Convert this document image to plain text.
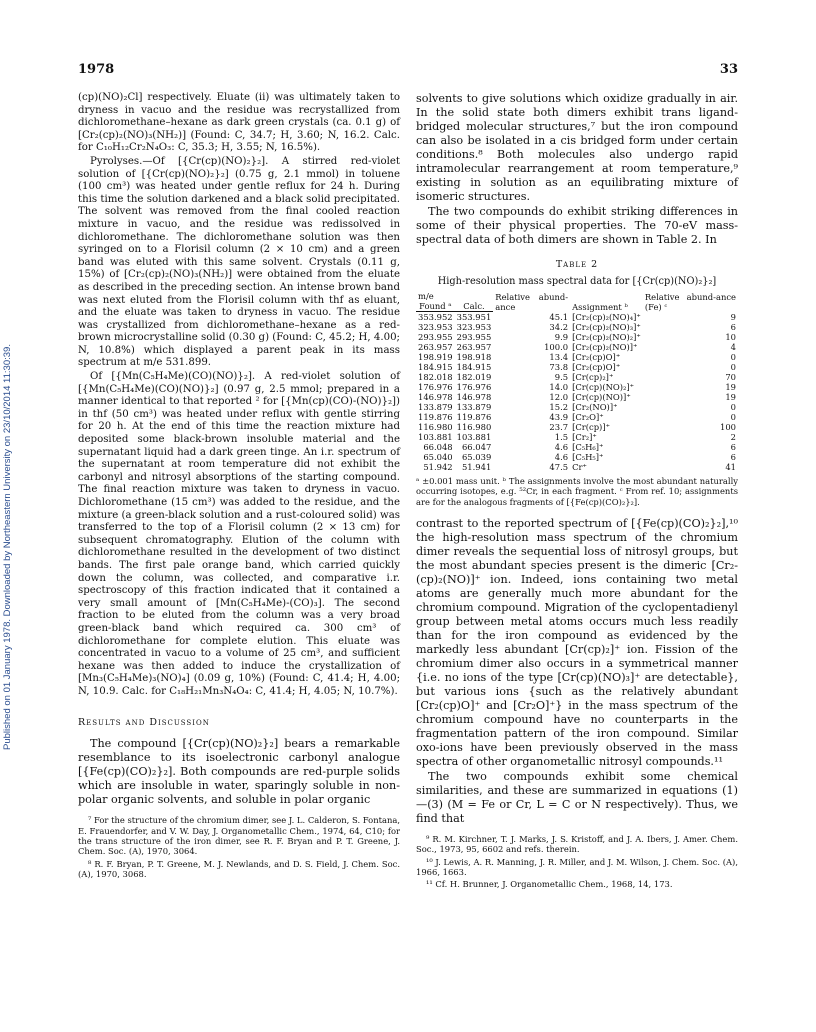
1978	33
Published on 01 January 1978. Downloaded by Northeastern University on 23/10/2014 11:30:39.

(cp)(NO)₂Cl] respectively. Eluate (ii) was ultimately taken to dryness in vacuo and the residue was recrystallized from dichloromethane–hexane as dark green crystals (ca. 0.1 g) of [Cr₂(cp)₂(NO)₃(NH₂)] (Found: C, 34.7; H, 3.60; N, 16.2. Calc. for C₁₀H₁₂Cr₂N₄O₃: C, 35.3; H, 3.55; N, 16.5%).

Pyrolyses.—Of [{Cr(cp)(NO)₂}₂]. A stirred red-violet solution of [{Cr(cp)(NO)₂}₂] (0.75 g, 2.1 mmol) in toluene (100 cm³) was heated under gentle reflux for 24 h. During this time the solution darkened and a black solid precipitated. The solvent was removed from the final cooled reaction mixture in vacuo, and the residue was redissolved in dichloromethane. The dichloromethane solution was then syringed on to a Florisil column (2 × 10 cm) and a green band was eluted with this same solvent. Crystals (0.11 g, 15%) of [Cr₂(cp)₂(NO)₃(NH₂)] were obtained from the eluate as described in the preceding section. An intense brown band was next eluted from the Florisil column with thf as eluant, and the eluate was taken to dryness in vacuo. The residue was crystallized from dichloromethane–hexane as a red-brown microcrystalline solid (0.30 g) (Found: C, 45.2; H, 4.00; N, 10.8%) which displayed a parent peak in its mass spectrum at m/e 531.899.

Of [{Mn(C₅H₄Me)(CO)(NO)}₂]. A red-violet solution of [{Mn(C₅H₄Me)(CO)(NO)}₂] (0.97 g, 2.5 mmol; prepared in a manner identical to that reported ² for [{Mn(cp)(CO)-(NO)}₂]) in thf (50 cm³) was heated under reflux with gentle stirring for 20 h. At the end of this time the reaction mixture had deposited some black-brown insoluble material and the supernatant liquid had a dark green tinge. An i.r. spectrum of the supernatant at room temperature did not exhibit the carbonyl and nitrosyl absorptions of the starting compound. The final reaction mixture was taken to dryness in vacuo. Dichloromethane (15 cm³) was added to the residue, and the mixture (a green-black solution and a rust-coloured solid) was transferred to the top of a Florisil column (2 × 13 cm) for subsequent chromatography. Elution of the column with dichloromethane resulted in the development of two distinct bands. The first pale orange band, which carried quickly down the column, was collected, and comparative i.r. spectroscopy of this fraction indicated that it contained a very small amount of [Mn(C₅H₄Me)-(CO)₃]. The second fraction to be eluted from the column was a very broad green-black band which required ca. 300 cm³ of dichloromethane for complete elution. This eluate was concentrated in vacuo to a volume of 25 cm³, and sufficient hexane was then added to induce the crystallization of [Mn₃(C₅H₄Me)₃(NO)₄] (0.09 g, 10%) (Found: C, 41.4; H, 4.00; N, 10.9. Calc. for C₁₈H₂₁Mn₃N₄O₄: C, 41.4; H, 4.05; N, 10.7%).

Results and Discussion

The compound [{Cr(cp)(NO)₂}₂] bears a remarkable resemblance to its isoelectronic carbonyl analogue [{Fe(cp)(CO)₂}₂]. Both compounds are red-purple solids which are insoluble in water, sparingly soluble in non-polar organic solvents, and soluble in polar organic

⁷ For the structure of the chromium dimer, see J. L. Calderon, S. Fontana, E. Frauendorfer, and V. W. Day, J. Organometallic Chem., 1974, 64, C10; for the trans structure of the iron dimer, see R. F. Bryan and P. T. Greene, J. Chem. Soc. (A), 1970, 3064.

⁸ R. F. Bryan, P. T. Greene, M. J. Newlands, and D. S. Field, J. Chem. Soc. (A), 1970, 3068.

solvents to give solutions which oxidize gradually in air. In the solid state both dimers exhibit trans ligand-bridged molecular structures,⁷ but the iron compound can also be isolated in a cis bridged form under certain conditions.⁸ Both molecules also undergo rapid intramolecular rearrangement at room temperature,⁹ existing in solution as an equilibrating mixture of isomeric structures.

The two compounds do exhibit striking differences in some of their physical properties. The 70-eV mass-spectral data of both dimers are shown in Table 2. In

Table 2
High-resolution mass spectral data for [{Cr(cp)(NO)₂}₂]
m/e		Relative abund-ance	Assignment ᵇ	Relative abund-ance (Fe) ᶜ
Found ᵃ	Calc.			
353.952	353.951	45.1	[Cr₂(cp)₂(NO)₄]⁺	9
323.953	323.953	34.2	[Cr₂(cp)₂(NO)₃]⁺	6
293.955	293.955	9.9	[Cr₂(cp)₂(NO)₂]⁺	10
263.957	263.957	100.0	[Cr₂(cp)₂(NO)]⁺	4
198.919	198.918	13.4	[Cr₂(cp)O]⁺	0
184.915	184.915	73.8	[Cr₂(cp)O]⁺	0
182.018	182.019	9.5	[Cr(cp)₂]⁺	70
176.976	176.976	14.0	[Cr(cp)(NO)₂]⁺	19
146.978	146.978	12.0	[Cr(cp)(NO)]⁺	19
133.879	133.879	15.2	[Cr₂(NO)]⁺	0
119.876	119.876	43.9	[Cr₂O]⁺	0
116.980	116.980	23.7	[Cr(cp)]⁺	100
103.881	103.881	1.5	[Cr₂]⁺	2
66.048	66.047	4.6	[C₅H₆]⁺	6
65.040	65.039	4.6	[C₅H₅]⁺	6
51.942	51.941	47.5	Cr⁺	41
ᵃ ±0.001 mass unit. ᵇ The assignments involve the most abundant naturally occurring isotopes, e.g. ⁵²Cr, in each fragment. ᶜ From ref. 10; assignments are for the analogous fragments of [{Fe(cp)(CO)₂}₂].

contrast to the reported spectrum of [{Fe(cp)(CO)₂}₂],¹⁰ the high-resolution mass spectrum of the chromium dimer reveals the sequential loss of nitrosyl groups, but the most abundant species present is the dimeric [Cr₂-(cp)₂(NO)]⁺ ion. Indeed, ions containing two metal atoms are generally much more abundant for the chromium compound. Migration of the cyclopentadienyl group between metal atoms occurs much less readily than for the iron compound as evidenced by the markedly less abundant [Cr(cp)₂]⁺ ion. Fission of the chromium dimer also occurs in a symmetrical manner {i.e. no ions of the type [Cr(cp)(NO)₃]⁺ are detectable}, but various ions {such as the relatively abundant [Cr₂(cp)O]⁺ and [Cr₂O]⁺} in the mass spectrum of the chromium compound have no counterparts in the fragmentation pattern of the iron compound. Similar oxo-ions have been previously observed in the mass spectra of other organometallic nitrosyl compounds.¹¹

The two compounds exhibit some chemical similarities, and these are summarized in equations (1)—(3) (M = Fe or Cr, L = C or N respectively). Thus, we find that

⁹ R. M. Kirchner, T. J. Marks, J. S. Kristoff, and J. A. Ibers, J. Amer. Chem. Soc., 1973, 95, 6602 and refs. therein.

¹⁰ J. Lewis, A. R. Manning, J. R. Miller, and J. M. Wilson, J. Chem. Soc. (A), 1966, 1663.

¹¹ Cf. H. Brunner, J. Organometallic Chem., 1968, 14, 173.
